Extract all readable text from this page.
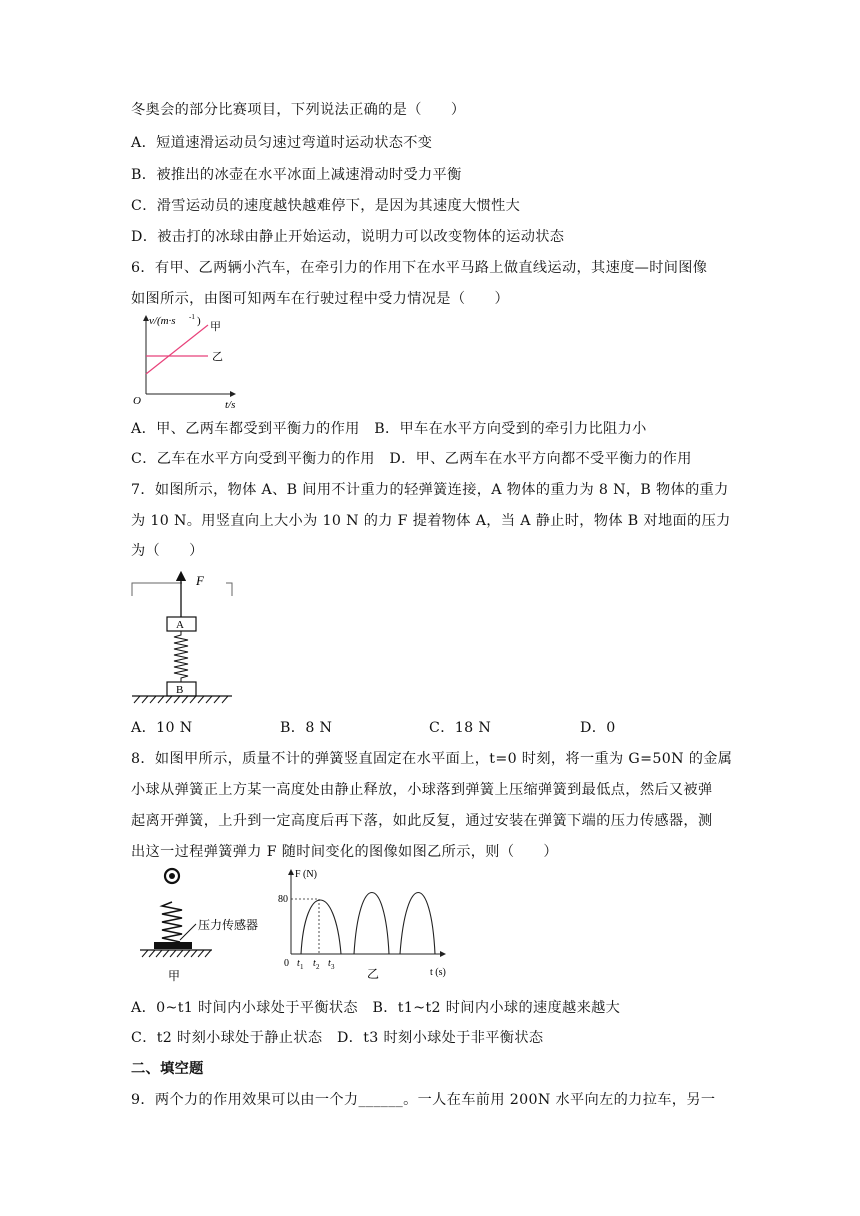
冬奥会的部分比赛项目，下列说法正确的是（　　）
A．短道速滑运动员匀速过弯道时运动状态不变
B．被推出的冰壶在水平冰面上减速滑动时受力平衡
C．滑雪运动员的速度越快越难停下，是因为其速度大惯性大
D．被击打的冰球由静止开始运动，说明力可以改变物体的运动状态
6．有甲、乙两辆小汽车，在牵引力的作用下在水平马路上做直线运动，其速度—时间图像
如图所示，由图可知两车在行驶过程中受力情况是（　　）
v/(m·s -1 ) 甲
乙
O	t/s
A．甲、乙两车都受到平衡力的作用　B．甲车在水平方向受到的牵引力比阻力小
C．乙车在水平方向受到平衡力的作用　D．甲、乙两车在水平方向都不受平衡力的作用
7．如图所示，物体 A、B 间用不计重力的轻弹簧连接，A 物体的重力为 8 N，B 物体的重力
为 10 N。用竖直向上大小为 10 N 的力 F 提着物体 A，当 A 静止时，物体 B 对地面的压力
为（　　）
F
A
B
A．10 N	B．8 N	C．18 N	D．0
8．如图甲所示，质量不计的弹簧竖直固定在水平面上，t=0 时刻，将一重为 G=50N 的金属
小球从弹簧正上方某一高度处由静止释放，小球落到弹簧上压缩弹簧到最低点，然后又被弹
起离开弹簧，上升到一定高度后再下落，如此反复，通过安装在弹簧下端的压力传感器，测
出这一过程弹簧弹力 F 随时间变化的图像如图乙所示，则（　　）
压力传感器
甲
F (N)
80
0 t 1 t 2 t 3	乙	t (s)
A．0~t1 时间内小球处于平衡状态　B．t1~t2 时间内小球的速度越来越大
C．t2 时刻小球处于静止状态　D．t3 时刻小球处于非平衡状态
二、填空题
9．两个力的作用效果可以由一个力______。一人在车前用 200N 水平向左的力拉车，另一
